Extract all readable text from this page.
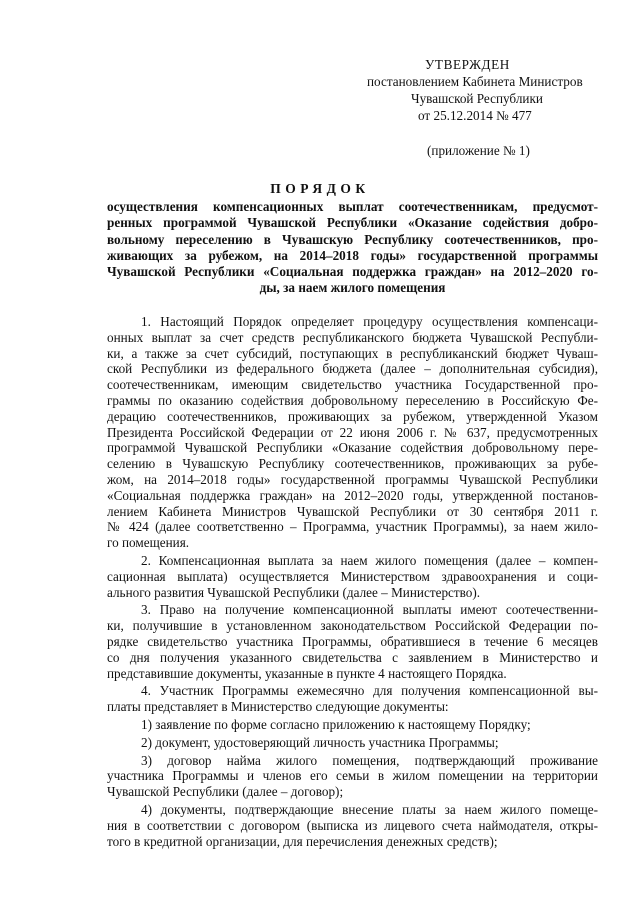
УТВЕРЖДЕН
постановлением Кабинета Министров
Чувашской Республики
от 25.12.2014 № 477
(приложение № 1)
ПОРЯДОК
осуществления компенсационных выплат соотечественникам, предусмот-
ренных программой Чувашской Республики «Оказание содействия добро-
вольному переселению в Чувашскую Республику соотечественников, про-
живающих за рубежом, на 2014–2018 годы» государственной программы
Чувашской Республики «Социальная поддержка граждан» на 2012–2020 го-
ды, за наем жилого помещения
1. Настоящий Порядок определяет процедуру осуществления компенсаци-
онных выплат за счет средств республиканского бюджета Чувашской Республи-
ки, а также за счет субсидий, поступающих в республиканский бюджет Чуваш-
ской Республики из федерального бюджета (далее – дополнительная субсидия),
соотечественникам, имеющим свидетельство участника Государственной про-
граммы по оказанию содействия добровольному переселению в Российскую Фе-
дерацию соотечественников, проживающих за рубежом, утвержденной Указом
Президента Российской Федерации от 22 июня 2006 г. № 637, предусмотренных
программой Чувашской Республики «Оказание содействия добровольному пере-
селению в Чувашскую Республику соотечественников, проживающих за рубе-
жом, на 2014–2018 годы» государственной программы Чувашской Республики
«Социальная поддержка граждан» на 2012–2020 годы, утвержденной постанов-
лением Кабинета Министров Чувашской Республики от 30 сентября 2011 г.
№ 424 (далее соответственно – Программа, участник Программы), за наем жило-
го помещения.
2. Компенсационная выплата за наем жилого помещения (далее – компен-
сационная выплата) осуществляется Министерством здравоохранения и соци-
ального развития Чувашской Республики (далее – Министерство).
3. Право на получение компенсационной выплаты имеют соотечественни-
ки, получившие в установленном законодательством Российской Федерации по-
рядке свидетельство участника Программы, обратившиеся в течение 6 месяцев
со дня получения указанного свидетельства с заявлением в Министерство и
представившие документы, указанные в пункте 4 настоящего Порядка.
4. Участник Программы ежемесячно для получения компенсационной вы-
платы представляет в Министерство следующие документы:
1) заявление по форме согласно приложению к настоящему Порядку;
2) документ, удостоверяющий личность участника Программы;
3) договор найма жилого помещения, подтверждающий проживание
участника Программы и членов его семьи в жилом помещении на территории
Чувашской Республики (далее – договор);
4) документы, подтверждающие внесение платы за наем жилого помеще-
ния в соответствии с договором (выписка из лицевого счета наймодателя, откры-
того в кредитной организации, для перечисления денежных средств);
